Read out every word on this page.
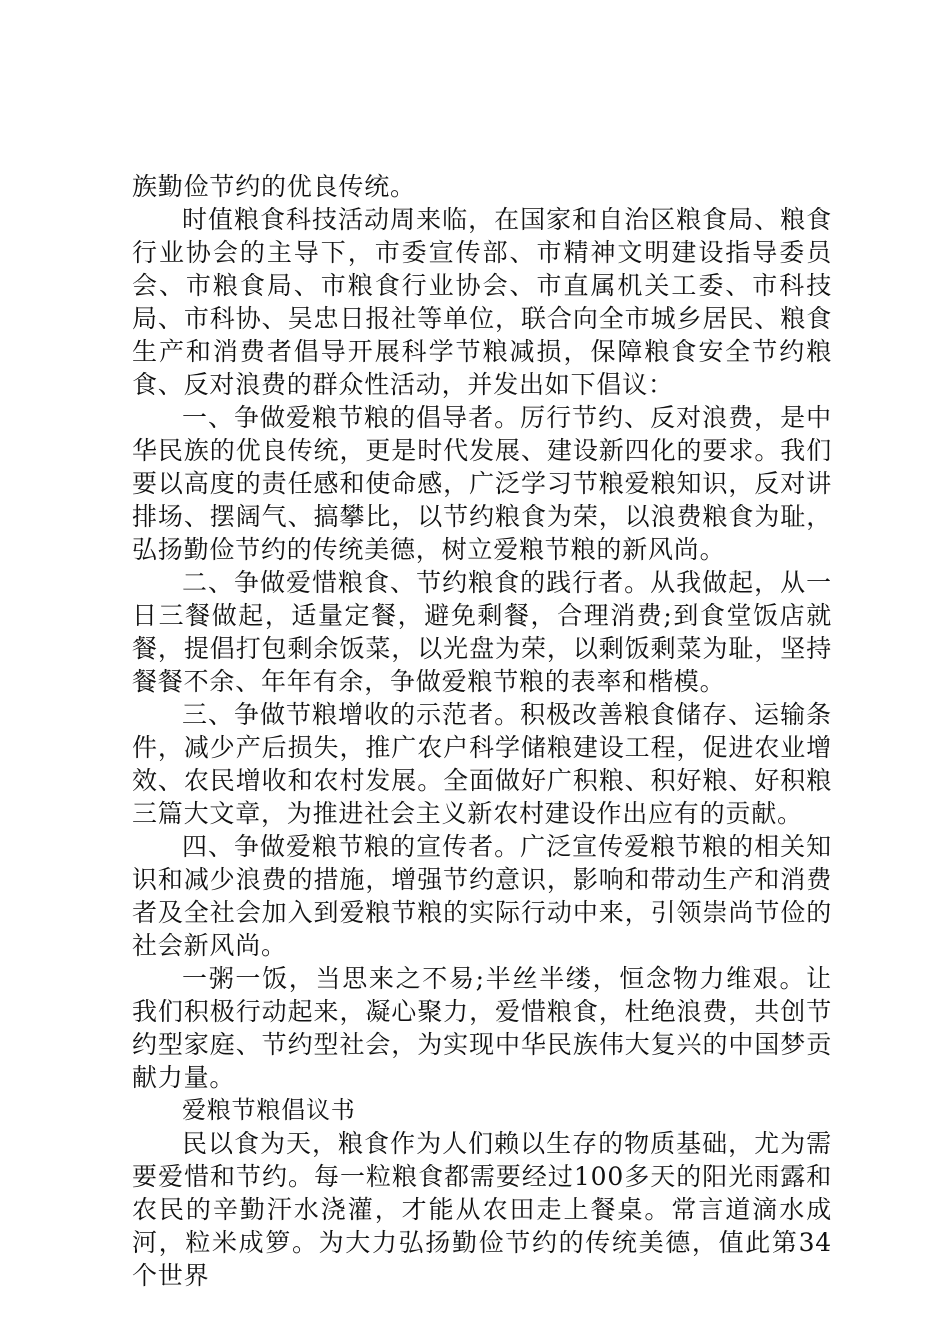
族勤俭节约的优良传统。

时值粮食科技活动周来临，在国家和自治区粮食局、粮食行业协会的主导下，市委宣传部、市精神文明建设指导委员会、市粮食局、市粮食行业协会、市直属机关工委、市科技局、市科协、吴忠日报社等单位，联合向全市城乡居民、粮食生产和消费者倡导开展科学节粮减损，保障粮食安全节约粮食、反对浪费的群众性活动，并发出如下倡议：

一、争做爱粮节粮的倡导者。厉行节约、反对浪费，是中华民族的优良传统，更是时代发展、建设新四化的要求。我们要以高度的责任感和使命感，广泛学习节粮爱粮知识，反对讲排场、摆阔气、搞攀比，以节约粮食为荣，以浪费粮食为耻，弘扬勤俭节约的传统美德，树立爱粮节粮的新风尚。

二、争做爱惜粮食、节约粮食的践行者。从我做起，从一日三餐做起，适量定餐，避免剩餐，合理消费;到食堂饭店就餐，提倡打包剩余饭菜，以光盘为荣，以剩饭剩菜为耻，坚持餐餐不余、年年有余，争做爱粮节粮的表率和楷模。

三、争做节粮增收的示范者。积极改善粮食储存、运输条件，减少产后损失，推广农户科学储粮建设工程，促进农业增效、农民增收和农村发展。全面做好广积粮、积好粮、好积粮三篇大文章，为推进社会主义新农村建设作出应有的贡献。

四、争做爱粮节粮的宣传者。广泛宣传爱粮节粮的相关知识和减少浪费的措施，增强节约意识，影响和带动生产和消费者及全社会加入到爱粮节粮的实际行动中来，引领崇尚节俭的社会新风尚。

一粥一饭，当思来之不易;半丝半缕，恒念物力维艰。让我们积极行动起来，凝心聚力，爱惜粮食，杜绝浪费，共创节约型家庭、节约型社会，为实现中华民族伟大复兴的中国梦贡献力量。

爱粮节粮倡议书

民以食为天，粮食作为人们赖以生存的物质基础，尤为需要爱惜和节约。每一粒粮食都需要经过100多天的阳光雨露和农民的辛勤汗水浇灌，才能从农田走上餐桌。常言道滴水成河，粒米成箩。为大力弘扬勤俭节约的传统美德，值此第34个世界
